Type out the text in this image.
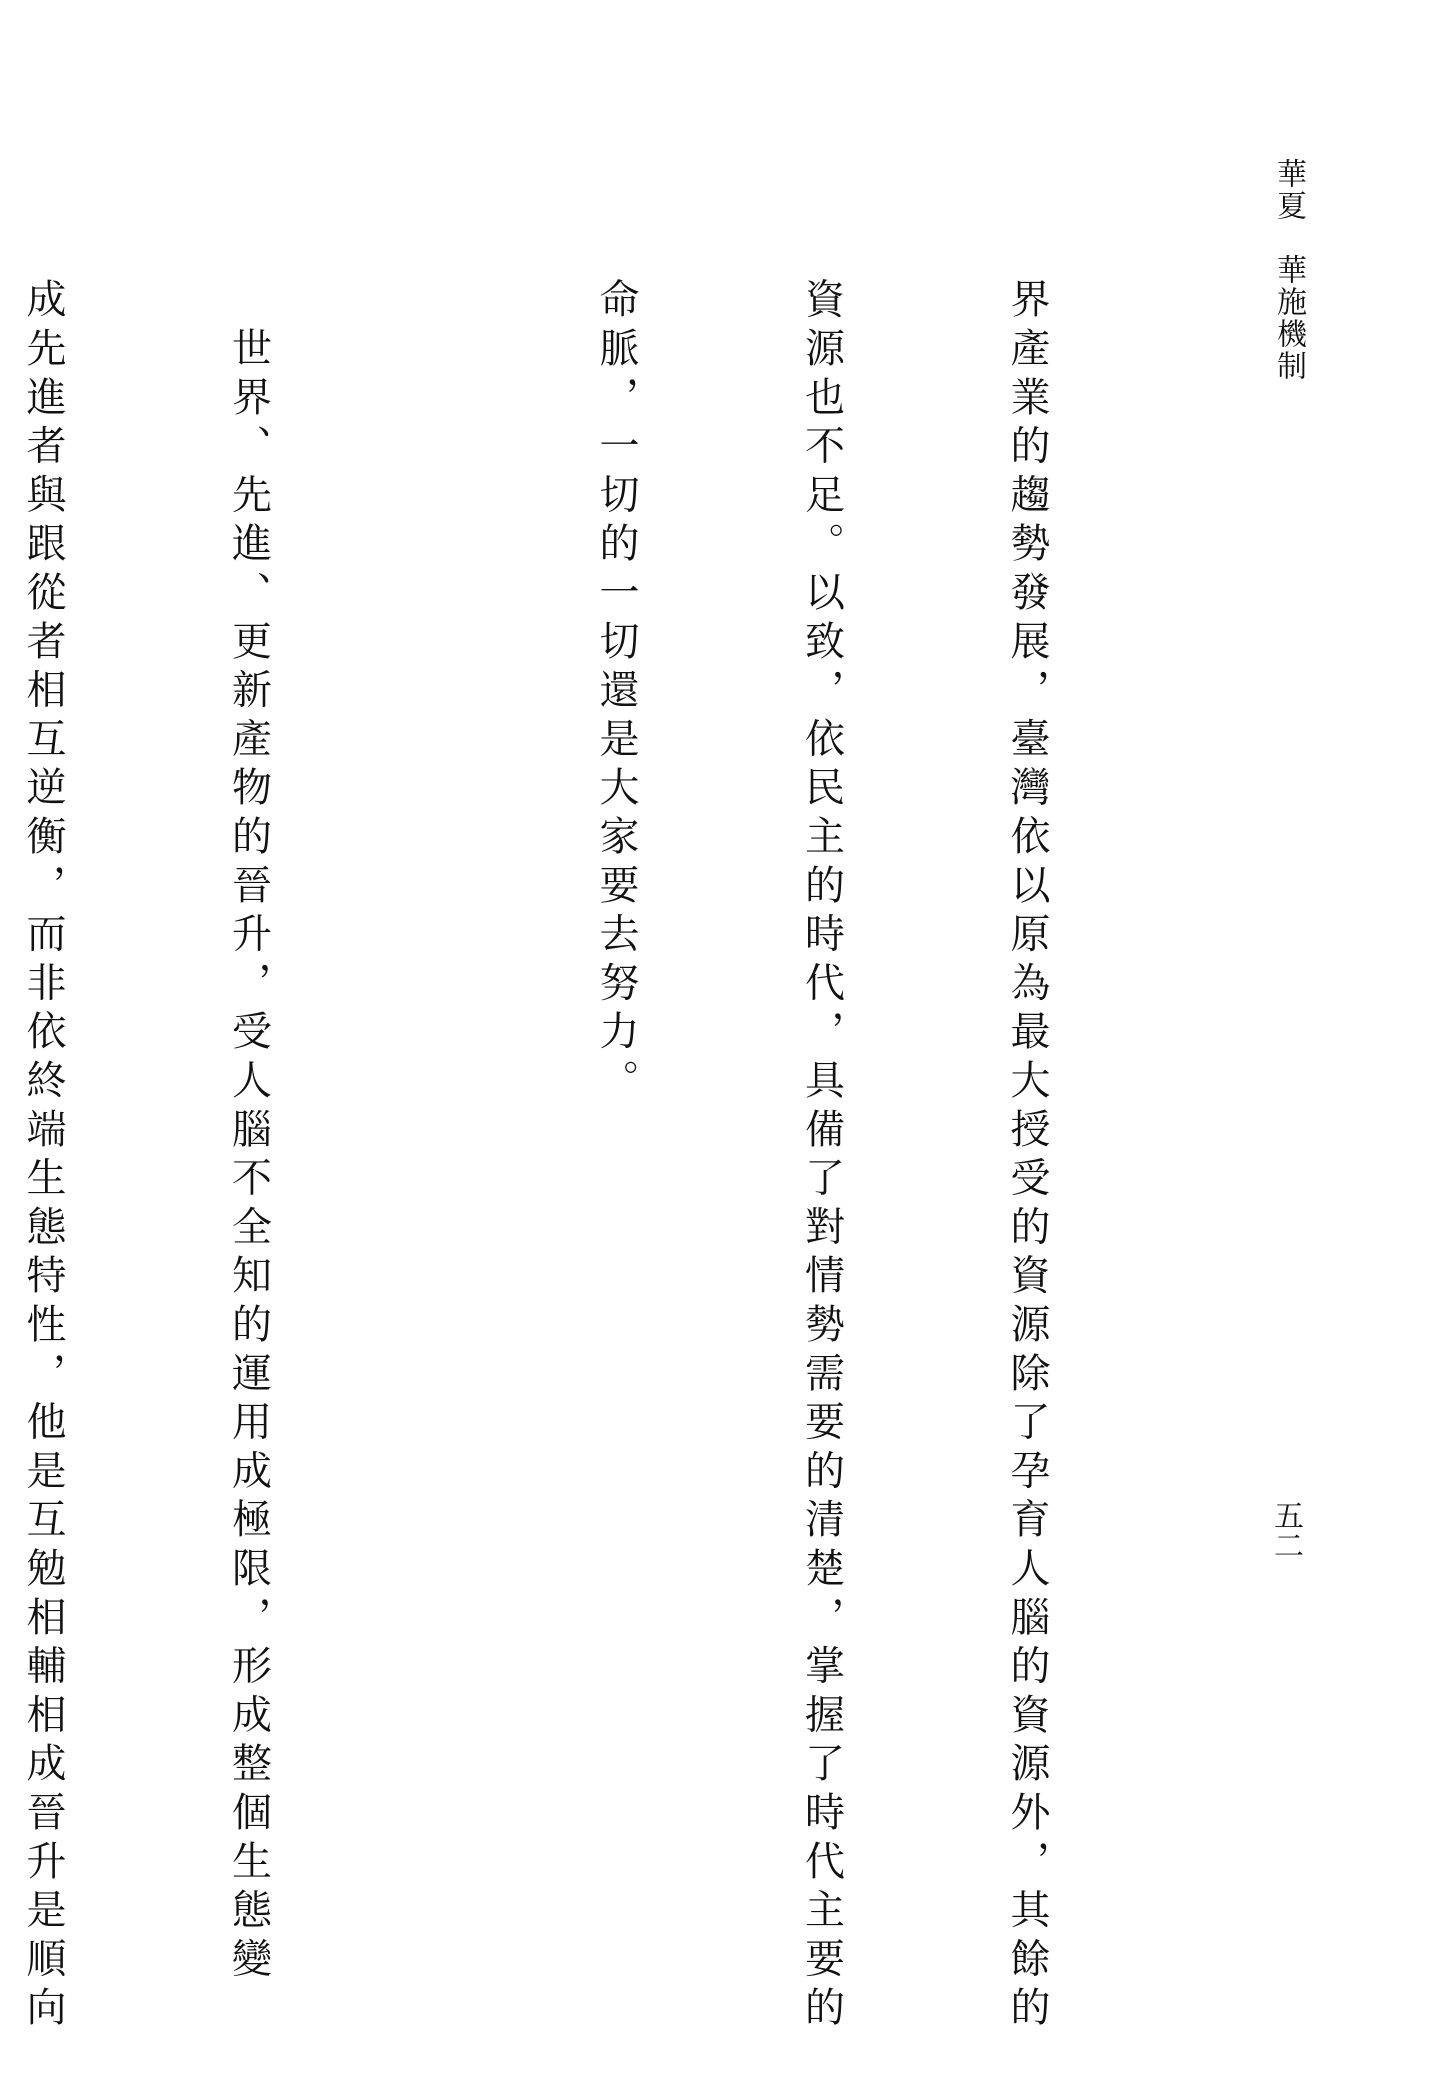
華夏　華施機制
五二

界產業的趨勢發展，臺灣依以原為最大授受的資源除了孕育人腦的資源外，其餘的

資源也不足。以致，依民主的時代，具備了對情勢需要的清楚，掌握了時代主要的

命脈，一切的一切還是大家要去努力。

　世界、先進、更新產物的晉升，受人腦不全知的運用成極限，形成整個生態變

成先進者與跟從者相互逆衡，而非依終端生態特性，他是互勉相輔相成晉升是順向
